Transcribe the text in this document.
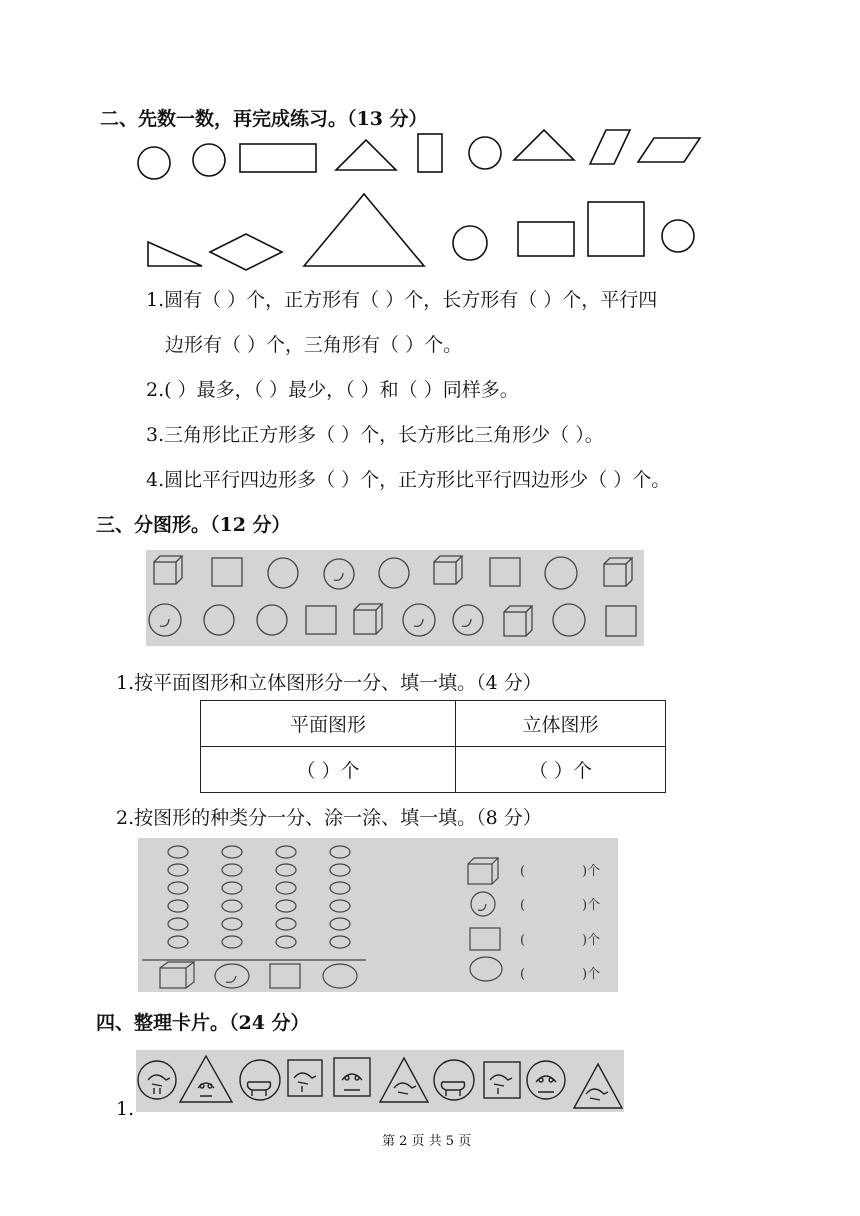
二、先数一数，再完成练习。（13 分）
1.圆有（ ）个，正方形有（ ）个，长方形有（ ）个，平行四
边形有（ ）个，三角形有（ ）个。
2.( ）最多，（ ）最少，（ ）和（ ）同样多。
3.三角形比正方形多（ ）个，长方形比三角形少（ ）。
4.圆比平行四边形多（ ）个，正方形比平行四边形少（ ）个。
三、分图形。（12 分）
1.按平面图形和立体图形分一分、填一填。（4 分）
平面图形	立体图形
（ ）个	（ ）个
2.按图形的种类分一分、涂一涂、填一填。（8 分）
(	)个
(	)个
(	)个
(	)个
四、整理卡片。（24 分）
1.
第 2 页 共 5 页
